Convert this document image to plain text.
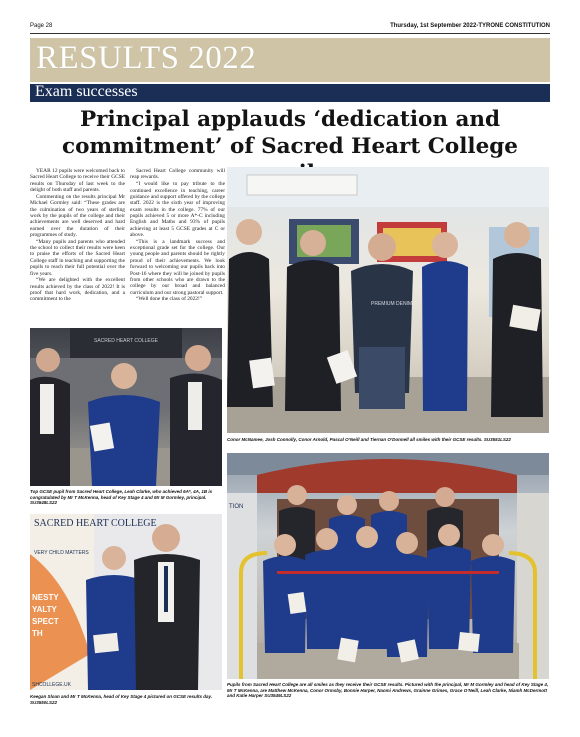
Page 28	Thursday, 1st September 2022-TYRONE CONSTITUTION
RESULTS 2022
Exam successes
Principal applauds ‘dedication and
commitment’ of Sacred Heart College

YEAR 12 pupils were welcomed back to Sacred Heart College to receive their GCSE results on Thursday of last week to the delight of both staff and parents.

Commenting on the results principal Mr Michael Gormley said: “These grades are the culmination of two years of sterling work by the pupils of the college and their achievements are well deserved and hard earned over the duration of their programmes of study.

“Many pupils and parents who attended the school to collect their results were keen to praise the efforts of the Sacred Heart College staff in teaching and supporting the pupils to reach their full potential over the five years.

“We are delighted with the excellent results achieved by the class of 2022! It is proof that hard work, dedication, and a commitment to the

Sacred Heart College community will reap rewards.

“I would like to pay tribute to the continued excellence in teaching, career guidance and support offered by the college staff. 2022 is the sixth year of improving exam results in the college. 77% of our pupils achieved 5 or more A*-C including English and Maths and 93% of pupils achieving at least 5 GCSE grades at C or above.

“This is a landmark success and exceptional grade set for the college. Our young people and parents should be rightly proud of their achievements. We look forward to welcoming our pupils back into Post-16 where they will be joined by pupils from other schools who are drawn to the college by our broad and balanced curriculum and our strong pastoral support.

“Well done the class of 2022!”

PREMIUM DENIM
Conor McNamee, Josh Connolly, Conor Arnold, Pascal O’Neill and Tiernan O’Donnell all smiles with their GCSE results. SU3551LS22
SACRED HEART COLLEGE
Top GCSE pupil from Sacred Heart College, Leah Clarke, who achieved 6A*, 4A, 1B is congratulated by Mr T McKenna, head of Key Stage 4 and Mr M Gormley, principal. SU3548LS22
SACRED HEART COLLEGE
VERY CHILD MATTERS
NESTY
YALTY
SPECT
TH
SHCOLLEGE.UK
Keegan Sloan and Mr T McKenna, head of Key Stage 4 pictured on GCSE results day. SU3550LS22
TION
Pupils from Sacred Heart College are all smiles as they receive their GCSE results. Pictured with the principal, Mr M Gormley and head of Key Stage 4, Mr T McKenna, are Matthew McKenna, Conor Ormsby, Bonnie Harper, Naomi Andrews, Grainne Grimes, Grace O’Neill, Leah Clarke, Niamh McDermott and Katie Harper SU3549LS22
